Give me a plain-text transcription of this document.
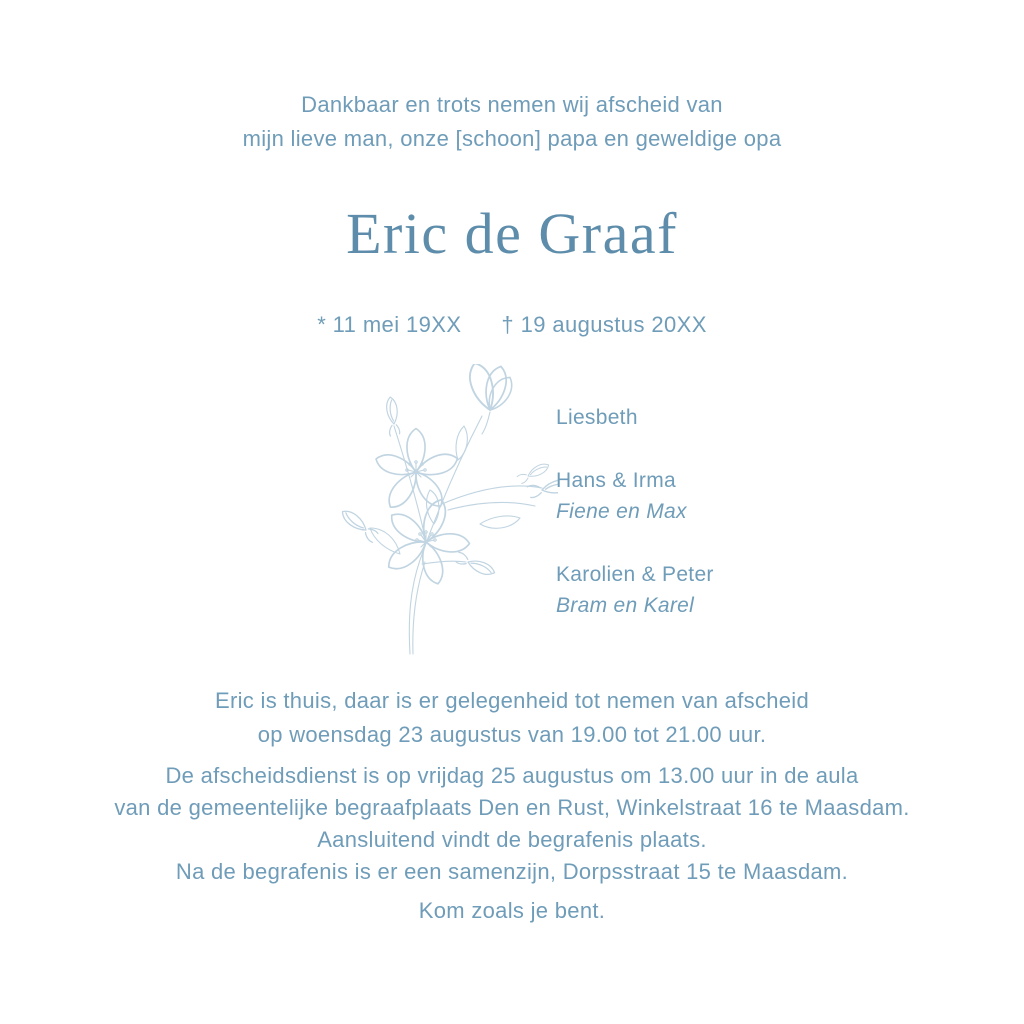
Dankbaar en trots nemen wij afscheid van
mijn lieve man, onze [schoon] papa en geweldige opa
Eric de Graaf
* 11 mei 19XX † 19 augustus 20XX
Liesbeth
Hans & Irma
Fiene en Max
Karolien & Peter
Bram en Karel
Eric is thuis, daar is er gelegenheid tot nemen van afscheid
op woensdag 23 augustus van 19.00 tot 21.00 uur.
De afscheidsdienst is op vrijdag 25 augustus om 13.00 uur in de aula
van de gemeentelijke begraafplaats Den en Rust, Winkelstraat 16 te Maasdam.
Aansluitend vindt de begrafenis plaats.
Na de begrafenis is er een samenzijn, Dorpsstraat 15 te Maasdam.
Kom zoals je bent.
